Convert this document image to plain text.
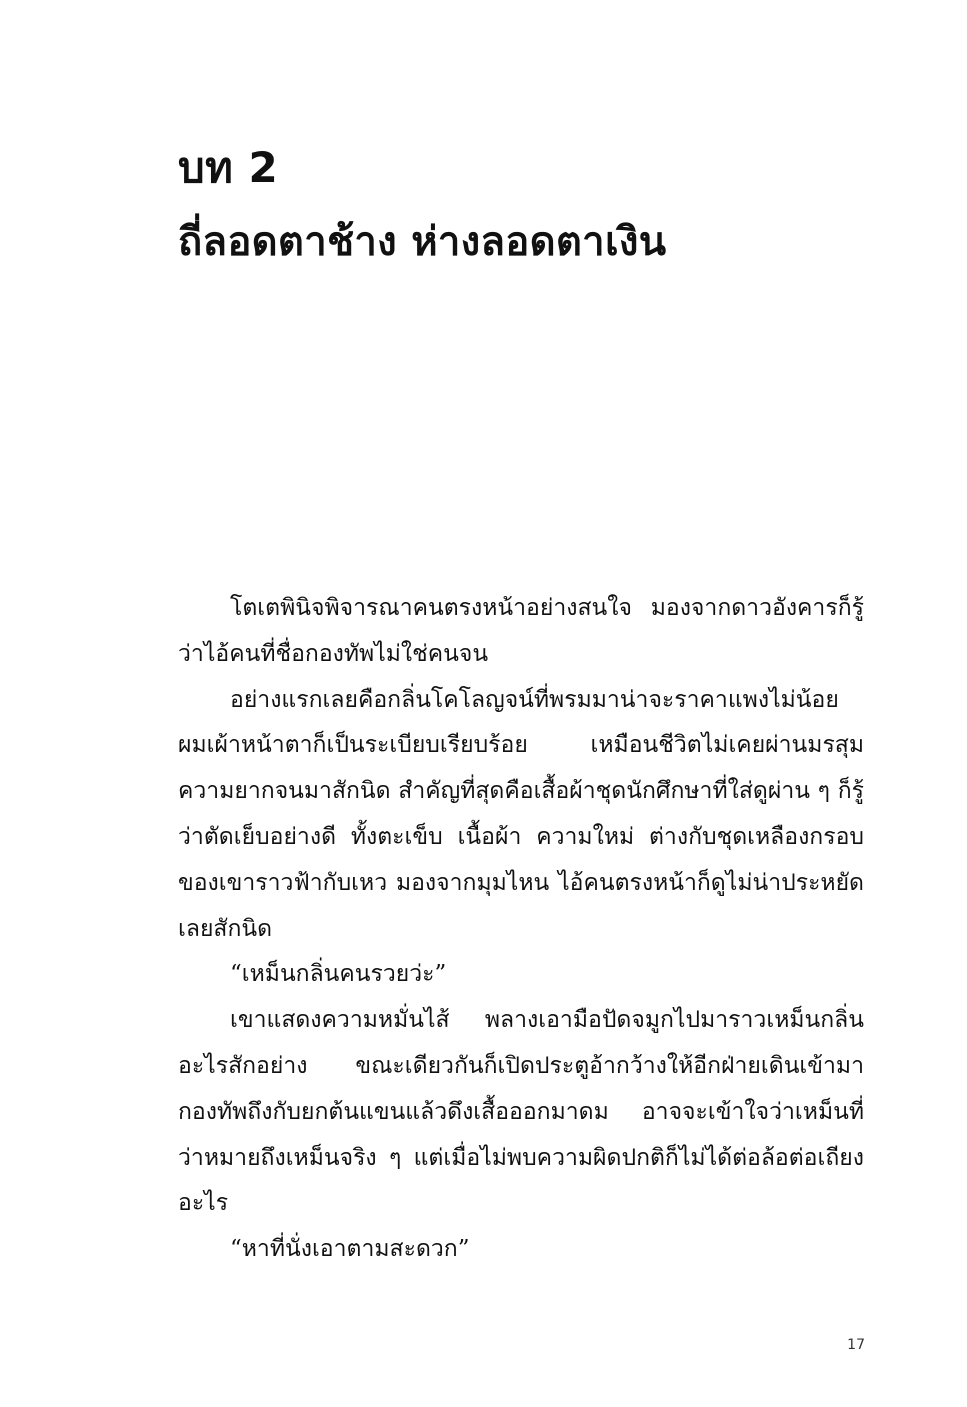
บท 2
ถี่ลอดตาช้าง ห่างลอดตาเงิน

โตเตพินิจพิจารณาคนตรงหน้าอย่างสนใจ มองจากดาวอังคารก็รู้ว่าไอ้คนที่ชื่อกองทัพไม่ใช่คนจน

อย่างแรกเลยคือกลิ่นโคโลญจน์ที่พรมมาน่าจะราคาแพงไม่น้อย ผมเผ้าหน้าตาก็เป็นระเบียบเรียบร้อย เหมือนชีวิตไม่เคยผ่านมรสุมความยากจนมาสักนิด สำคัญที่สุดคือเสื้อผ้าชุดนักศึกษาที่ใส่ดูผ่าน ๆ ก็รู้ว่าตัดเย็บอย่างดี ทั้งตะเข็บ เนื้อผ้า ความใหม่ ต่างกับชุดเหลืองกรอบของเขาราวฟ้ากับเหว มองจากมุมไหน ไอ้คนตรงหน้าก็ดูไม่น่าประหยัดเลยสักนิด

“เหม็นกลิ่นคนรวยว่ะ”

เขาแสดงความหมั่นไส้ พลางเอามือปัดจมูกไปมาราวเหม็นกลิ่นอะไรสักอย่าง ขณะเดียวกันก็เปิดประตูอ้ากว้างให้อีกฝ่ายเดินเข้ามา กองทัพถึงกับยกต้นแขนแล้วดึงเสื้อออกมาดม อาจจะเข้าใจว่าเหม็นที่ว่าหมายถึงเหม็นจริง ๆ แต่เมื่อไม่พบความผิดปกติก็ไม่ได้ต่อล้อต่อเถียงอะไร

“หาที่นั่งเอาตามสะดวก”

17
